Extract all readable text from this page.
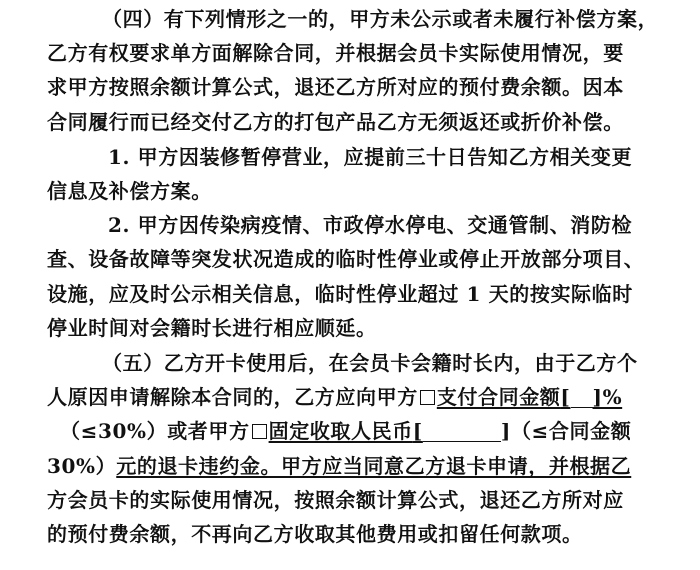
（四）有下列情形之一的，甲方未公示或者未履行补偿方案，
乙方有权要求单方面解除合同，并根据会员卡实际使用情况，要
求甲方按照余额计算公式，退还乙方所对应的预付费余额。因本
合同履行而已经交付乙方的打包产品乙方无须返还或折价补偿。
1. 甲方因装修暂停营业，应提前三十日告知乙方相关变更
信息及补偿方案。
2. 甲方因传染病疫情、市政停水停电、交通管制、消防检
查、设备故障等突发状况造成的临时性停业或停止开放部分项目、
设施，应及时公示相关信息，临时性停业超过 1 天的按实际临时
停业时间对会籍时长进行相应顺延。
（五）乙方开卡使用后，在会员卡会籍时长内，由于乙方个
人原因申请解除本合同的，乙方应向甲方 支付合同金额[ ]%
（≤30%）或者甲方 固定收取人民币[	]（≤合同金额
30%）元的退卡违约金。甲方应当同意乙方退卡申请，并根据乙
方会员卡的实际使用情况，按照余额计算公式，退还乙方所对应
的预付费余额，不再向乙方收取其他费用或扣留任何款项。
